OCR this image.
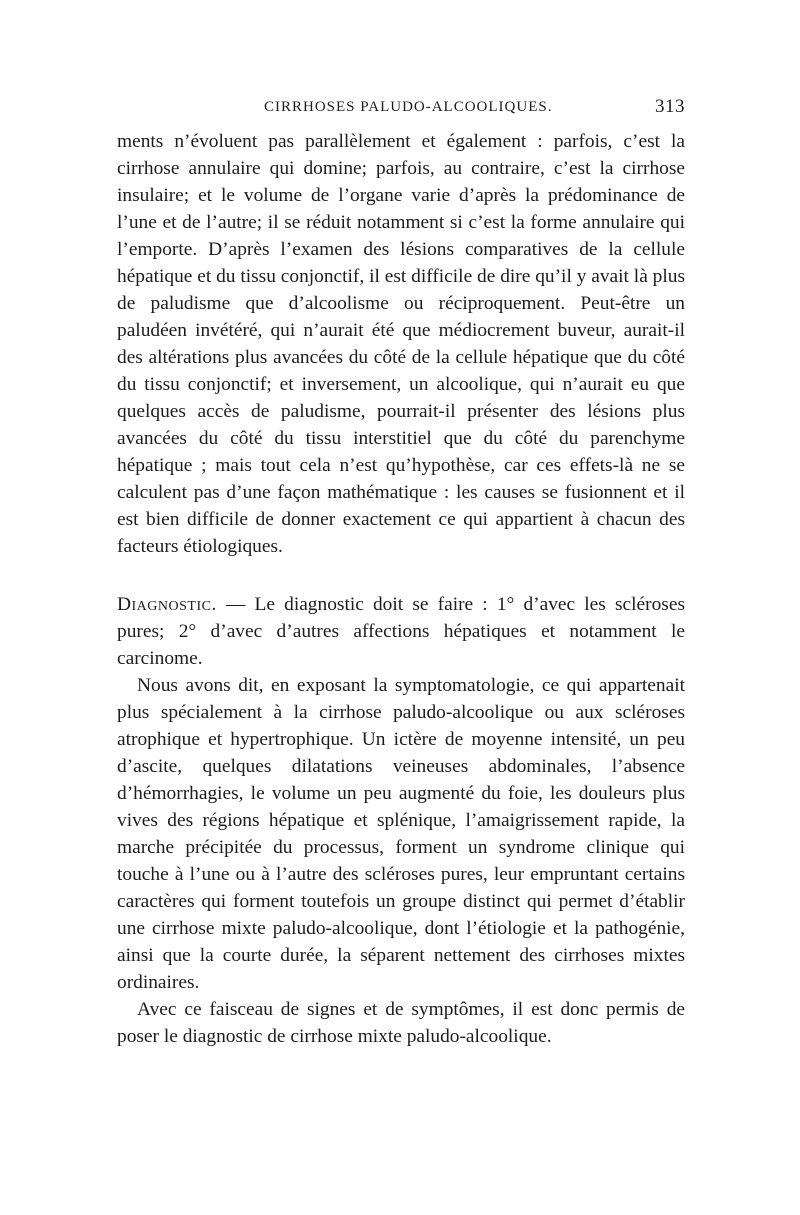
CIRRHOSES PALUDO-ALCOOLIQUES.	313

ments n’évoluent pas parallèlement et également : parfois, c’est la cirrhose annulaire qui domine; parfois, au contraire, c’est la cirrhose insulaire; et le volume de l’organe varie d’après la prédominance de l’une et de l’autre; il se réduit notamment si c’est la forme annulaire qui l’emporte. D’après l’examen des lésions comparatives de la cellule hépatique et du tissu conjonctif, il est difficile de dire qu’il y avait là plus de paludisme que d’alcoolisme ou réciproquement. Peut-être un paludéen invétéré, qui n’aurait été que médiocrement buveur, aurait-il des altérations plus avancées du côté de la cellule hépatique que du côté du tissu conjonctif; et inversement, un alcoolique, qui n’aurait eu que quelques accès de paludisme, pourrait-il présenter des lésions plus avancées du côté du tissu interstitiel que du côté du parenchyme hépatique ; mais tout cela n’est qu’hypothèse, car ces effets-là ne se calculent pas d’une façon mathématique : les causes se fusionnent et il est bien difficile de donner exactement ce qui appartient à chacun des facteurs étiologiques.

Diagnostic. — Le diagnostic doit se faire : 1° d’avec les scléroses pures; 2° d’avec d’autres affections hépatiques et notamment le carcinome.

Nous avons dit, en exposant la symptomatologie, ce qui appartenait plus spécialement à la cirrhose paludo-alcoolique ou aux scléroses atrophique et hypertrophique. Un ictère de moyenne intensité, un peu d’ascite, quelques dilatations veineuses abdominales, l’absence d’hémorrhagies, le volume un peu augmenté du foie, les douleurs plus vives des régions hépatique et splénique, l’amaigrissement rapide, la marche précipitée du processus, forment un syndrome clinique qui touche à l’une ou à l’autre des scléroses pures, leur empruntant certains caractères qui forment toutefois un groupe distinct qui permet d’établir une cirrhose mixte paludo-alcoolique, dont l’étiologie et la pathogénie, ainsi que la courte durée, la séparent nettement des cirrhoses mixtes ordinaires.

Avec ce faisceau de signes et de symptômes, il est donc permis de poser le diagnostic de cirrhose mixte paludo-alcoolique.
